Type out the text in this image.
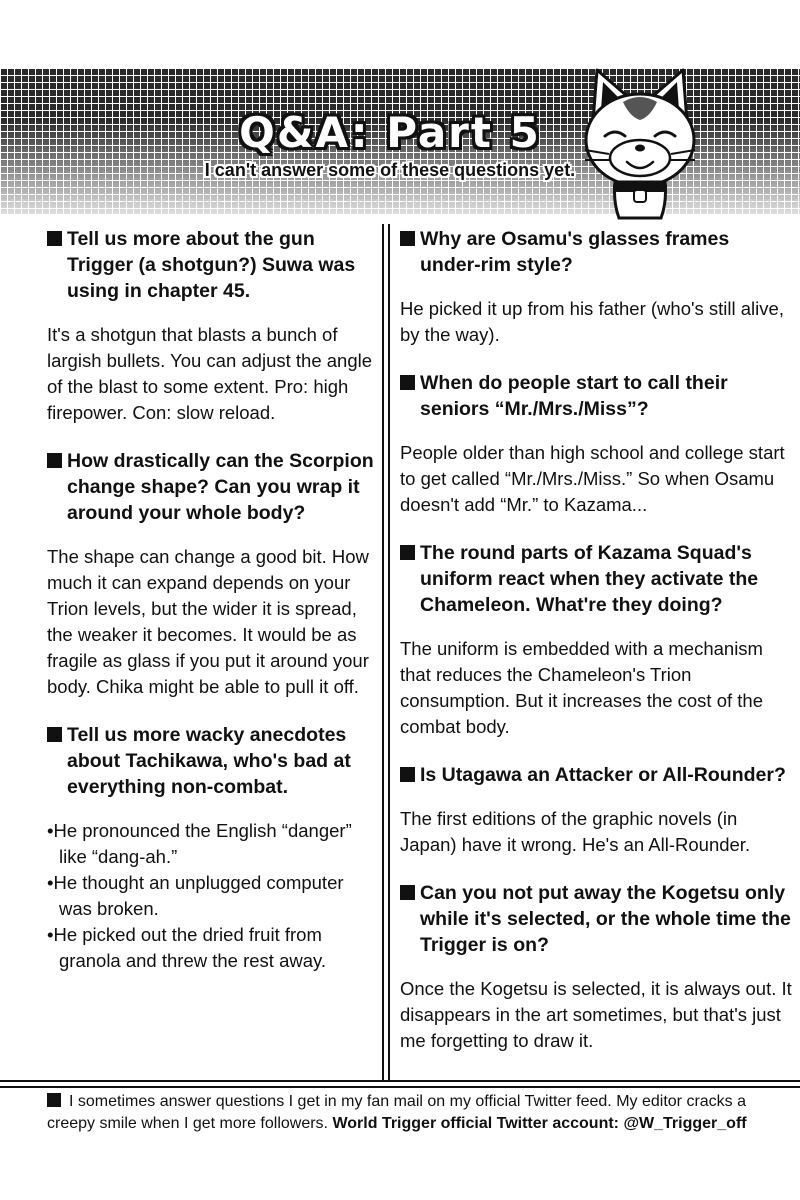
Q&A: Part 5
I can't answer some of these questions yet.
Tell us more about the gun Trigger (a shotgun?) Suwa was using in chapter 45.
It's a shotgun that blasts a bunch of largish bullets. You can adjust the angle of the blast to some extent. Pro: high firepower. Con: slow reload.
How drastically can the Scorpion change shape? Can you wrap it around your whole body?
The shape can change a good bit. How much it can expand depends on your Trion levels, but the wider it is spread, the weaker it becomes. It would be as fragile as glass if you put it around your body. Chika might be able to pull it off.
Tell us more wacky anecdotes about Tachikawa, who's bad at everything non-combat.
•He pronounced the English “danger” like “dang-ah.”
•He thought an unplugged computer was broken.
•He picked out the dried fruit from granola and threw the rest away.
Why are Osamu's glasses frames under-rim style?
He picked it up from his father (who's still alive, by the way).
When do people start to call their seniors “Mr./Mrs./Miss”?
People older than high school and college start to get called “Mr./Mrs./Miss.” So when Osamu doesn't add “Mr.” to Kazama...
The round parts of Kazama Squad's uniform react when they activate the Chameleon. What're they doing?
The uniform is embedded with a mechanism that reduces the Chameleon's Trion consumption. But it increases the cost of the combat body.
Is Utagawa an Attacker or All-Rounder?
The first editions of the graphic novels (in Japan) have it wrong. He's an All-Rounder.
Can you not put away the Kogetsu only while it's selected, or the whole time the Trigger is on?
Once the Kogetsu is selected, it is always out. It disappears in the art sometimes, but that's just me forgetting to draw it.
I sometimes answer questions I get in my fan mail on my official Twitter feed. My editor cracks a creepy smile when I get more followers. World Trigger official Twitter account: @W_Trigger_off
